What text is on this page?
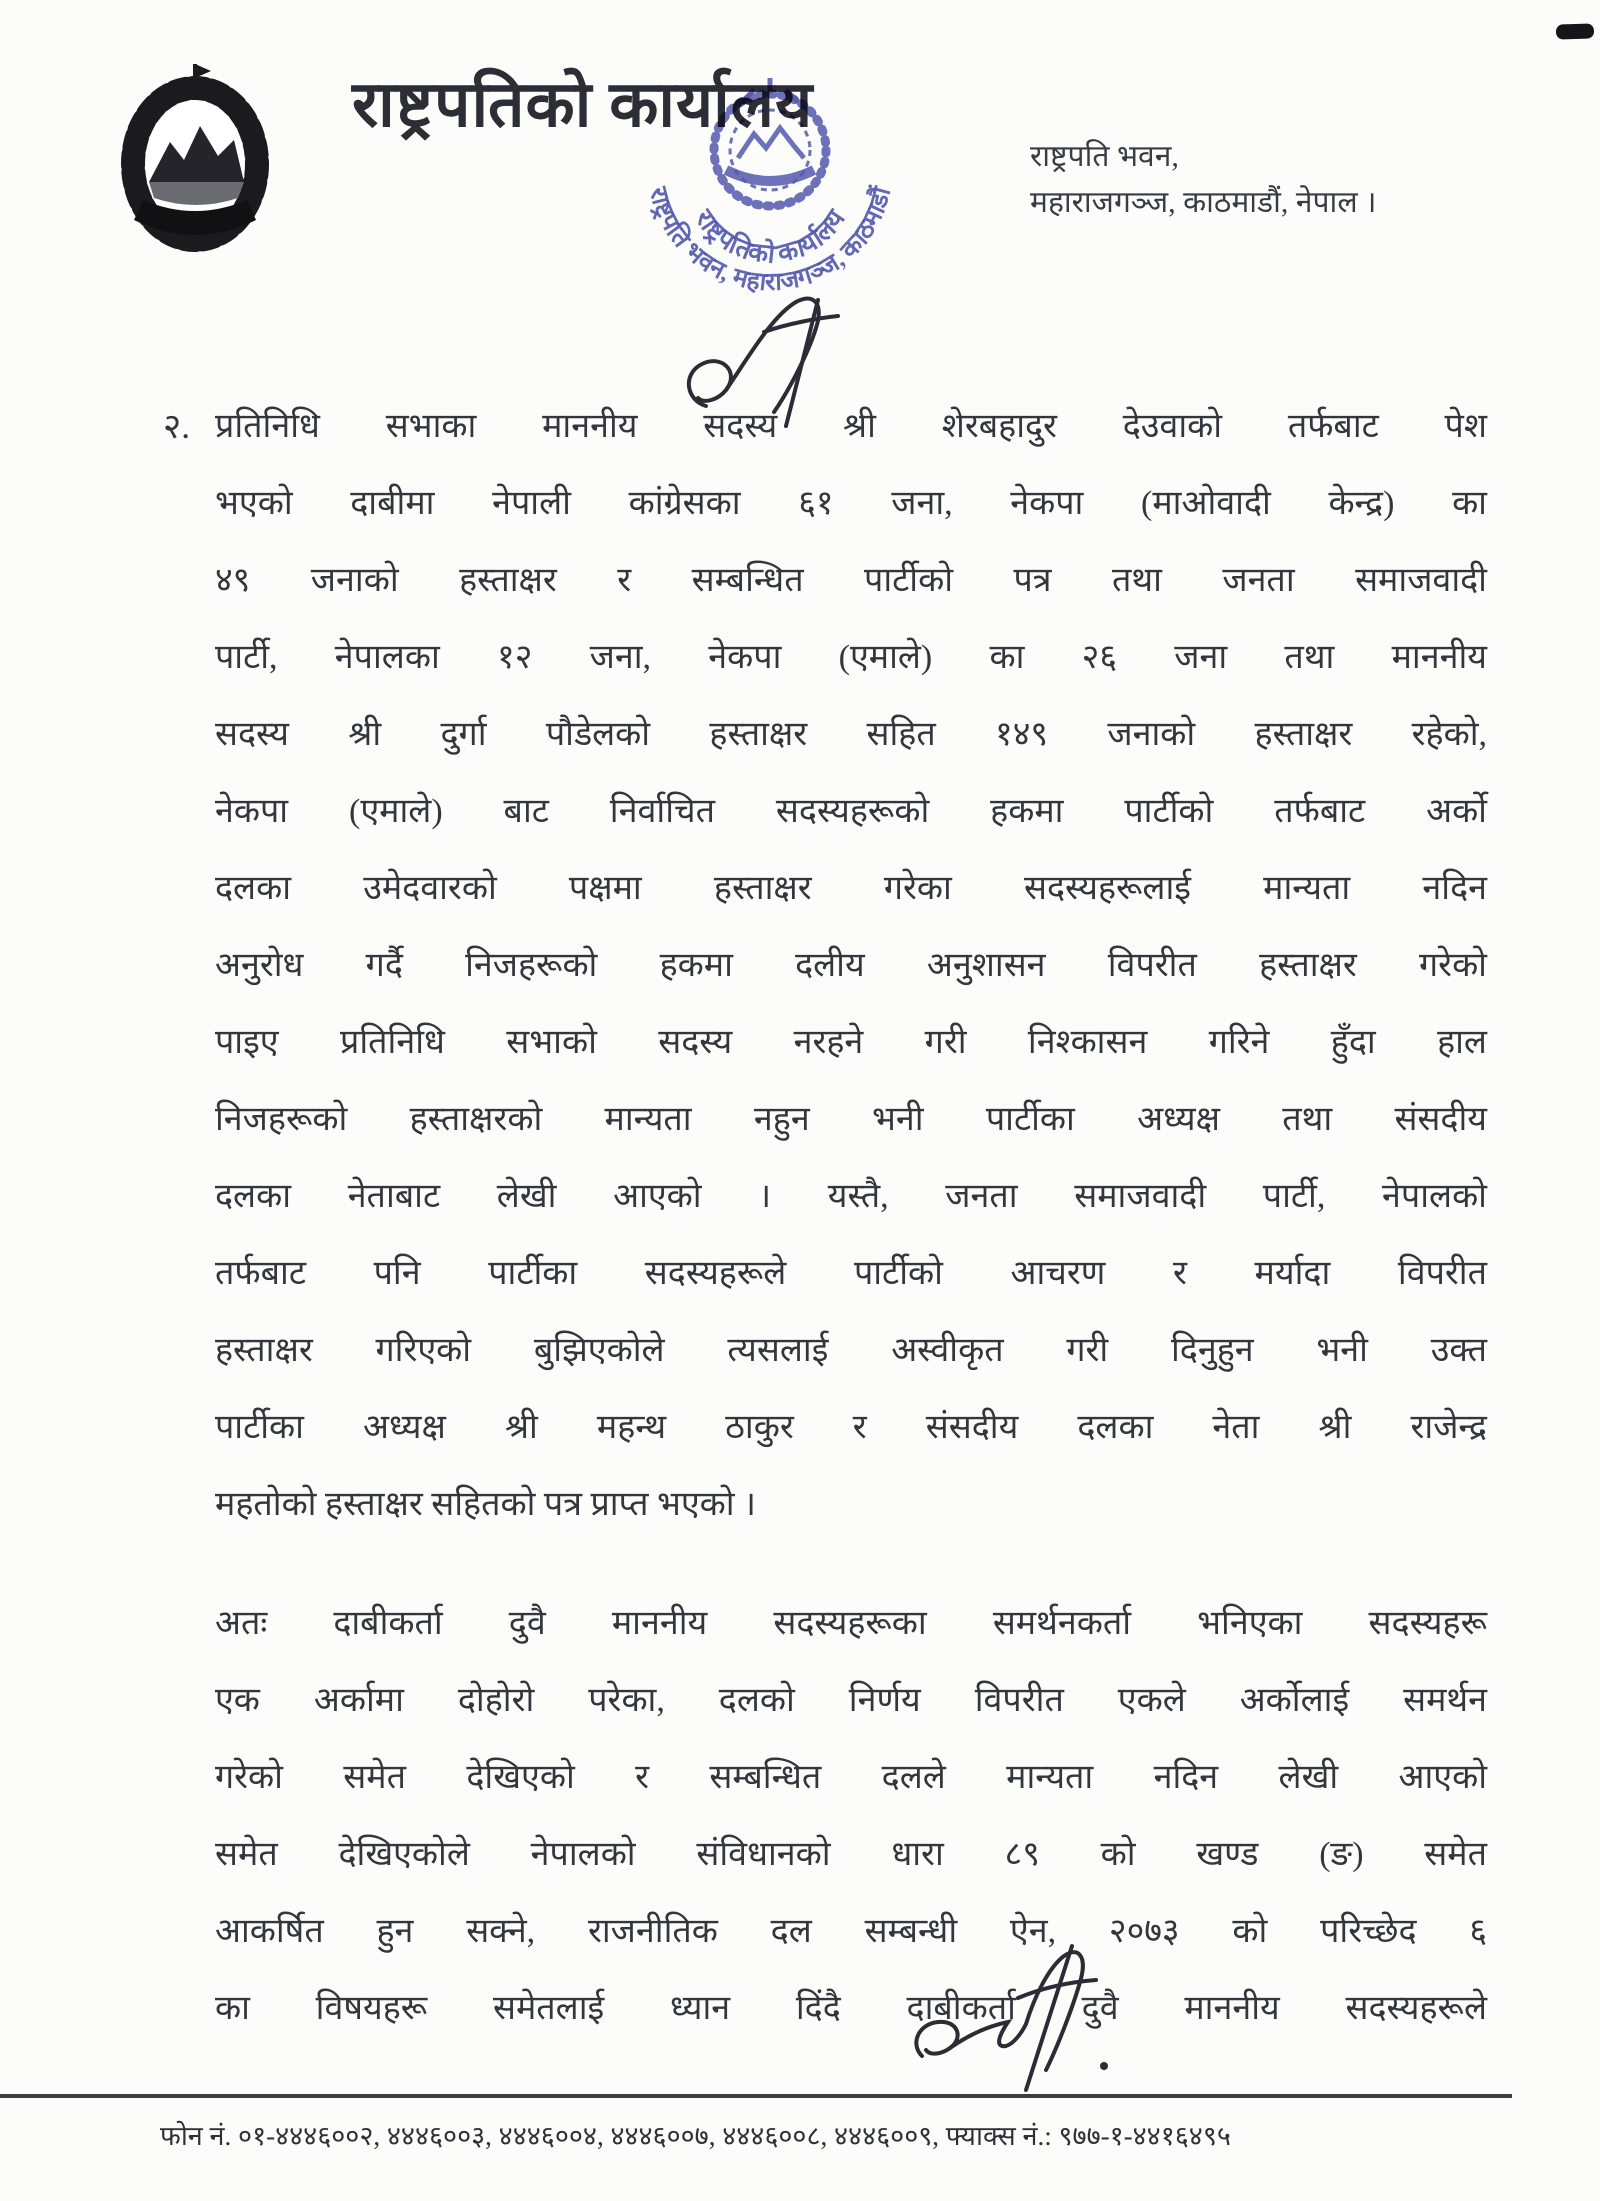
राष्ट्रपतिको कार्यालय
राष्ट्रपतिको कार्यालय
राष्ट्रपति भवन, महाराजगञ्ज, काठमाडौं
राष्ट्रपति भवन,
महाराजगञ्ज, काठमाडौं, नेपाल ।
२. प्रतिनिधि सभाका माननीय सदस्य श्री शेरबहादुर देउवाको तर्फबाट पेश
भएको दाबीमा नेपाली कांग्रेसका ६१ जना, नेकपा (माओवादी केन्द्र) का
४९ जनाको हस्ताक्षर र सम्बन्धित पार्टीको पत्र तथा जनता समाजवादी
पार्टी, नेपालका १२ जना, नेकपा (एमाले) का २६ जना तथा माननीय
सदस्य श्री दुर्गा पौडेलको हस्ताक्षर सहित १४९ जनाको हस्ताक्षर रहेको,
नेकपा (एमाले) बाट निर्वाचित सदस्यहरूको हकमा पार्टीको तर्फबाट अर्को
दलका उमेदवारको पक्षमा हस्ताक्षर गरेका सदस्यहरूलाई मान्यता नदिन
अनुरोध गर्दै निजहरूको हकमा दलीय अनुशासन विपरीत हस्ताक्षर गरेको
पाइए प्रतिनिधि सभाको सदस्य नरहने गरी निश्कासन गरिने हुँदा हाल
निजहरूको हस्ताक्षरको मान्यता नहुन भनी पार्टीका अध्यक्ष तथा संसदीय
दलका नेताबाट लेखी आएको । यस्तै, जनता समाजवादी पार्टी, नेपालको
तर्फबाट पनि पार्टीका सदस्यहरूले पार्टीको आचरण र मर्यादा विपरीत
हस्ताक्षर गरिएको बुझिएकोले त्यसलाई अस्वीकृत गरी दिनुहुन भनी उक्त
पार्टीका अध्यक्ष श्री महन्थ ठाकुर र संसदीय दलका नेता श्री राजेन्द्र
महतोको हस्ताक्षर सहितको पत्र प्राप्त भएको ।
अतः दाबीकर्ता दुवै माननीय सदस्यहरूका समर्थनकर्ता भनिएका सदस्यहरू
एक अर्कामा दोहोरो परेका, दलको निर्णय विपरीत एकले अर्कोलाई समर्थन
गरेको समेत देखिएको र सम्बन्धित दलले मान्यता नदिन लेखी आएको
समेत देखिएकोले नेपालको संविधानको धारा ८९ को खण्ड (ङ) समेत
आकर्षित हुन सक्ने, राजनीतिक दल सम्बन्धी ऐन, २०७३ को परिच्छेद ६
का विषयहरू समेतलाई ध्यान दिंदै दाबीकर्ता दुवै माननीय सदस्यहरूले
फोन नं. ०१-४४४६००२, ४४४६००३, ४४४६००४, ४४४६००७, ४४४६००८, ४४४६००९, फ्याक्स नं.: ९७७-१-४४१६४९५
